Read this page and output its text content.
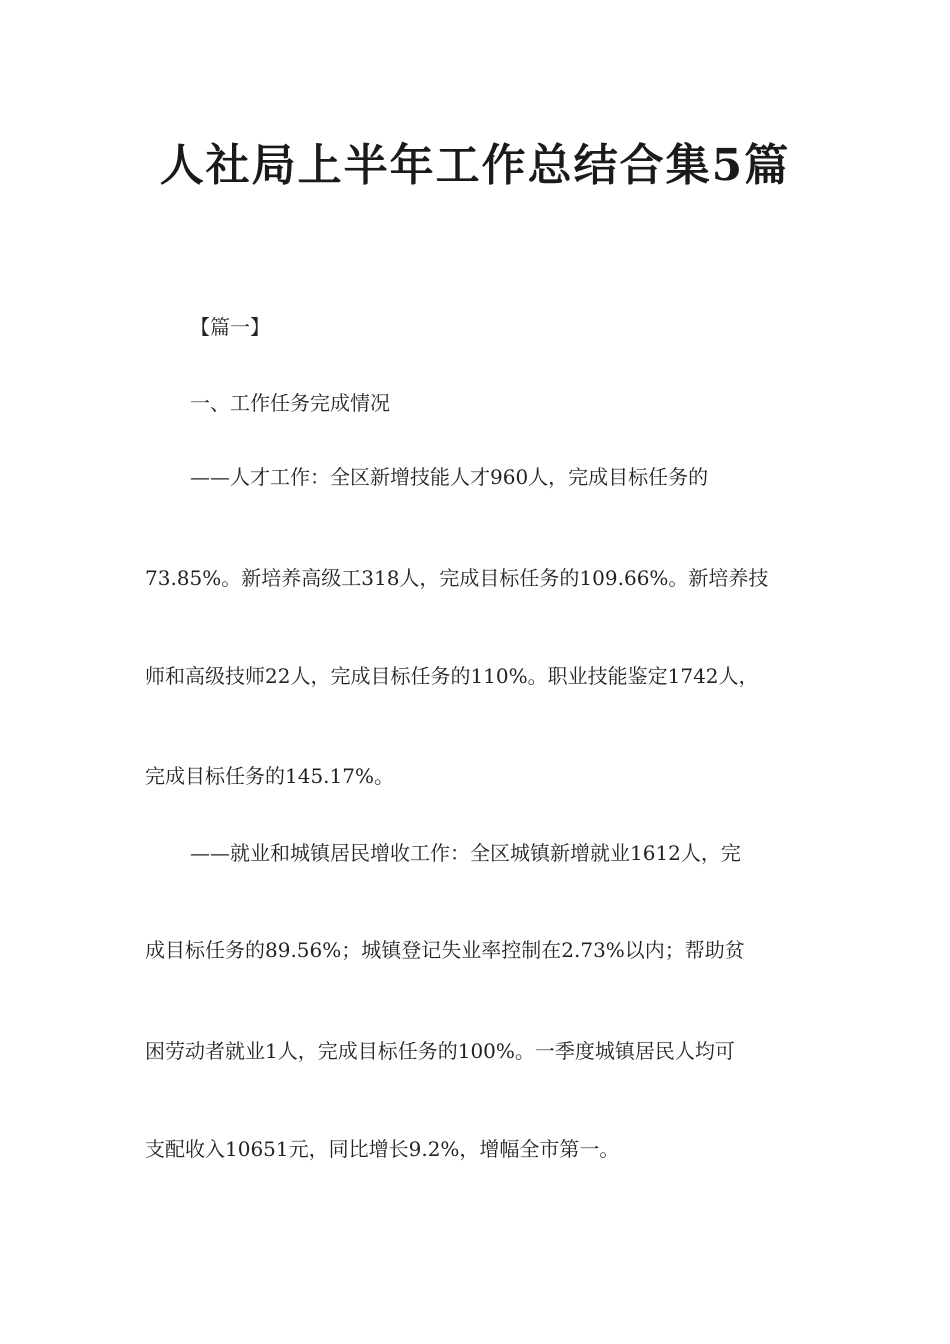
人社局上半年工作总结合集5篇

【篇一】

一、工作任务完成情况

——人才工作：全区新增技能人才960人，完成目标任务的

73.85%。新培养高级工318人，完成目标任务的109.66%。新培养技

师和高级技师22人，完成目标任务的110%。职业技能鉴定1742人，

完成目标任务的145.17%。

——就业和城镇居民增收工作：全区城镇新增就业1612人，完

成目标任务的89.56%；城镇登记失业率控制在2.73%以内；帮助贫

困劳动者就业1人，完成目标任务的100%。一季度城镇居民人均可

支配收入10651元，同比增长9.2%，增幅全市第一。
